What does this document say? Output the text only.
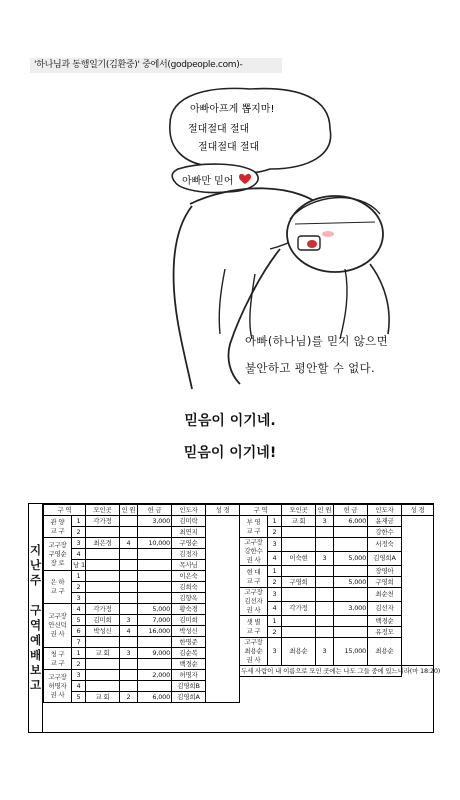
'하나님과 동행일기(김환중)' 중에서(godpeople.com)-
아빠아프게 뽑지마!
절대절대 절대
절대절대 절대
아빠만 믿어
아빠(하나님)를 믿지 않으면
불안하고 평안할 수 없다.
믿음이 이기네.
믿음이 이기네!
지
난
주

구
역
예
배
보
고
구 역		모인곳	인 원	헌 금	인도자	성 경
관 양
교 구	1	각가정		3,000	김미락	
	2				최연지	
고구장
구영순
장 로	3	최은경	4	10,000	구영순	
	4				김정자	
	남 1				목사님	
은 하
교 구	1				이은숙	
	2				김희숙	
	3				김향옥	
고구장
안신덕
권 사	4	각가정		5,000	황숙경	
	5	김미희	3	7,000	김미희	
	6	박성신	4	16,000	박성신	
	7				한명준	
청 구
교 구	1	교 회	3	9,000	김순복	
	2				백경순	
고구장
허명자
권 사	3			2,000	허명자	
	4				김영희B	
	5	교 회	2	6,000	김영희A	
구 역		모인곳	인 원	헌 금	인도자	성 경
부 영
교 구	1	교 회	3	6,000	윤재금	
	2				강한수	
고구장
강한수
권 사	3				서정숙	
	4	이숙현	3	5,000	김영희A	
현 대
교 구	1				장영아	
	2	구영희		5,000	구영희	
고구장
김선자
권 사	3				최순천	
	4	각가정		3,000	김선자	
샛 별
교 구	1				백경순	
	2				유정모	
고구장
최용순
권 사	3	최용순	3	15,000	최용순	
두세 사람이 내 이름으로 모인 곳에는 나도 그들 중에 있느니라(마 18:20)						
